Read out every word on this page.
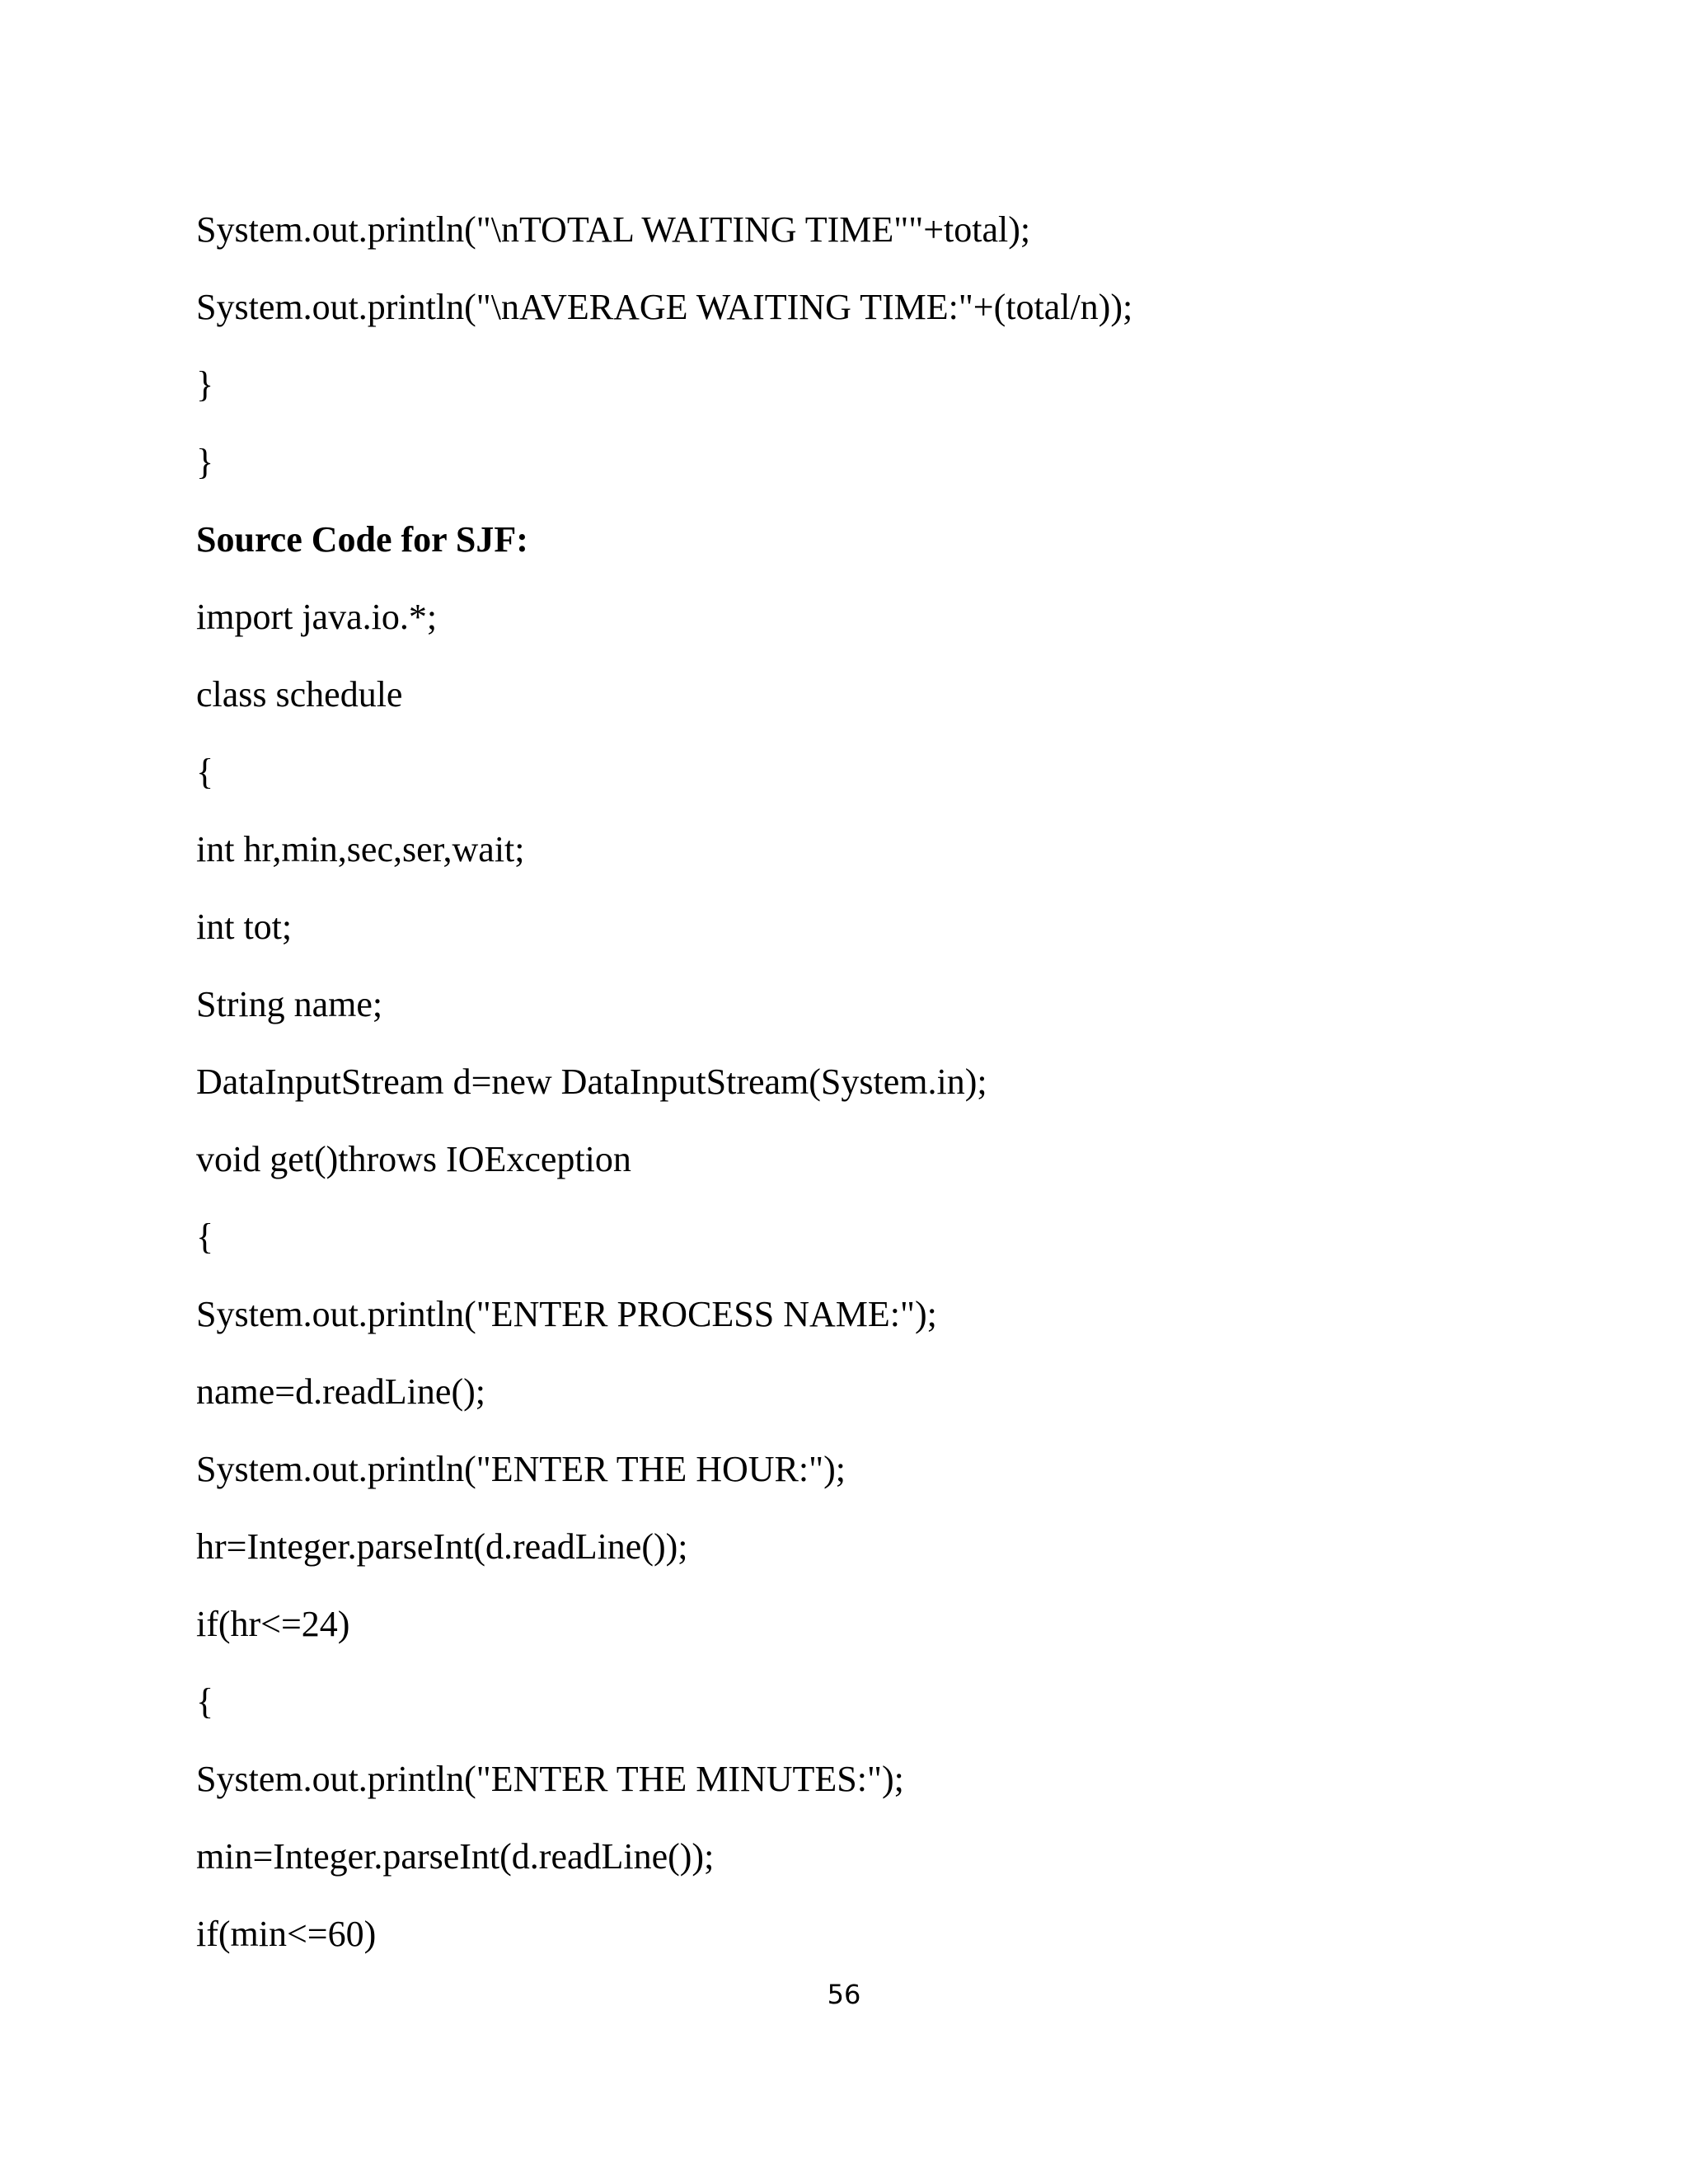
System.out.println("\nTOTAL WAITING TIME""+total);
System.out.println("\nAVERAGE WAITING TIME:"+(total/n));
}
}
Source Code for SJF:
import java.io.*;
class schedule
{
int hr,min,sec,ser,wait;
int tot;
String name;
DataInputStream d=new DataInputStream(System.in);
void get()throws IOException
{
System.out.println("ENTER PROCESS NAME:");
name=d.readLine();
System.out.println("ENTER THE HOUR:");
hr=Integer.parseInt(d.readLine());
if(hr<=24)
{
System.out.println("ENTER THE MINUTES:");
min=Integer.parseInt(d.readLine());
if(min<=60)
56
